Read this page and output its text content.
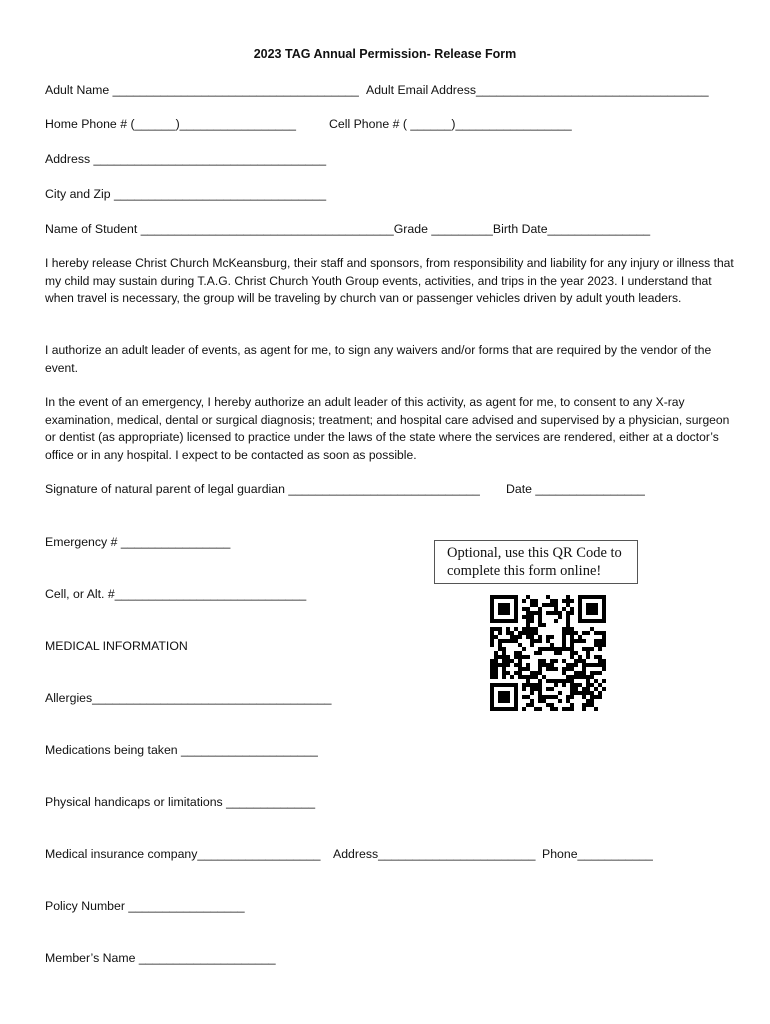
2023 TAG Annual Permission- Release Form
Adult Name ____________________________________ Adult Email Address__________________________________
Home Phone # (______)_________________	Cell Phone # ( ______)_________________
Address __________________________________
City and Zip _______________________________
Name of Student _____________________________________Grade _________Birth Date_______________
I hereby release Christ Church McKeansburg, their staff and sponsors, from responsibility and liability for any injury or illness that my child may sustain during T.A.G. Christ Church Youth Group events, activities, and trips in the year 2023. I understand that when travel is necessary, the group will be traveling by church van or passenger vehicles driven by adult youth leaders.
I authorize an adult leader of events, as agent for me, to sign any waivers and/or forms that are required by the vendor of the event.
In the event of an emergency, I hereby authorize an adult leader of this activity, as agent for me, to consent to any X-ray examination, medical, dental or surgical diagnosis; treatment; and hospital care advised and supervised by a physician, surgeon or dentist (as appropriate) licensed to practice under the laws of the state where the services are rendered, either at a doctor’s office or in any hospital. I expect to be contacted as soon as possible.
Signature of natural parent of legal guardian ____________________________ Date ________________
Emergency # ________________
Cell, or Alt. #____________________________
Optional, use this QR Code to
complete this form online!
MEDICAL INFORMATION
Allergies___________________________________
Medications being taken ____________________
Physical handicaps or limitations _____________
Medical insurance company__________________ Address_______________________ Phone___________
Policy Number _________________
Member’s Name ____________________
